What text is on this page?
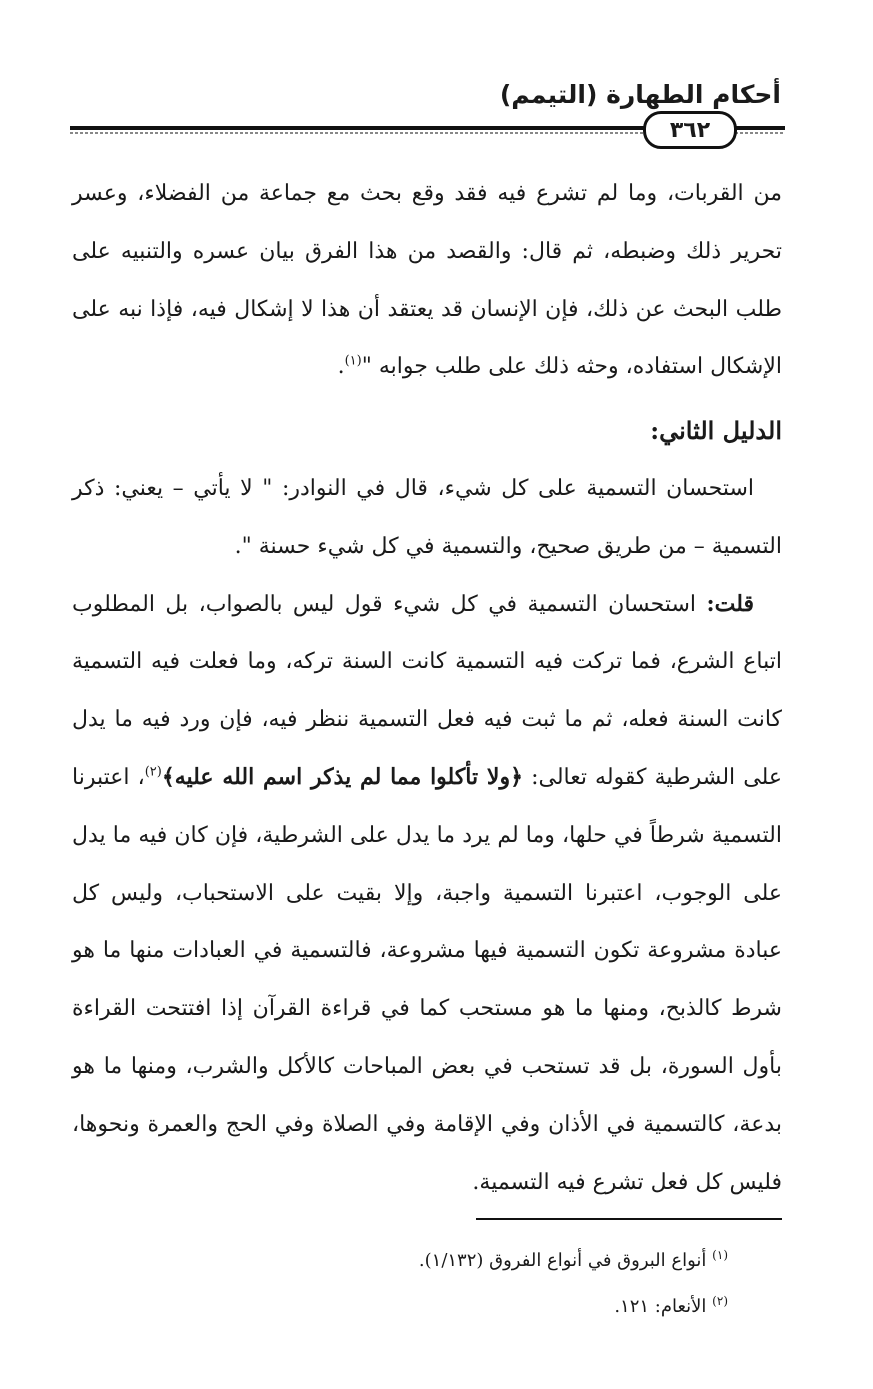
أحكام الطهارة (التيمم)
٣٦٢

من القربات، وما لم تشرع فيه فقد وقع بحث مع جماعة من الفضلاء، وعسر تحرير ذلك وضبطه، ثم قال: والقصد من هذا الفرق بيان عسره والتنبيه على طلب البحث عن ذلك، فإن الإنسان قد يعتقد أن هذا لا إشكال فيه، فإذا نبه على الإشكال استفاده، وحثه ذلك على طلب جوابه "$^{(١)}$.

الدليل الثاني:

استحسان التسمية على كل شيء، قال في النوادر: " لا يأتي – يعني: ذكر التسمية – من طريق صحيح، والتسمية في كل شيء حسنة ".

قلت: استحسان التسمية في كل شيء قول ليس بالصواب، بل المطلوب اتباع الشرع، فما تركت فيه التسمية كانت السنة تركه، وما فعلت فيه التسمية كانت السنة فعله، ثم ما ثبت فيه فعل التسمية ننظر فيه، فإن ورد فيه ما يدل على الشرطية كقوله تعالى: ﴿ولا تأكلوا مما لم يذكر اسم الله عليه﴾$^{(٢)}$، اعتبرنا التسمية شرطاً في حلها، وما لم يرد ما يدل على الشرطية، فإن كان فيه ما يدل على الوجوب، اعتبرنا التسمية واجبة، وإلا بقيت على الاستحباب، وليس كل عبادة مشروعة تكون التسمية فيها مشروعة، فالتسمية في العبادات منها ما هو شرط كالذبح، ومنها ما هو مستحب كما في قراءة القرآن إذا افتتحت القراءة بأول السورة، بل قد تستحب في بعض المباحات كالأكل والشرب، ومنها ما هو بدعة، كالتسمية في الأذان وفي الإقامة وفي الصلاة وفي الحج والعمرة ونحوها، فليس كل فعل تشرع فيه التسمية.

$^{(١)}$ أنواع البروق في أنواع الفروق (١/١٣٢).

$^{(٢)}$ الأنعام: ١٢١.
